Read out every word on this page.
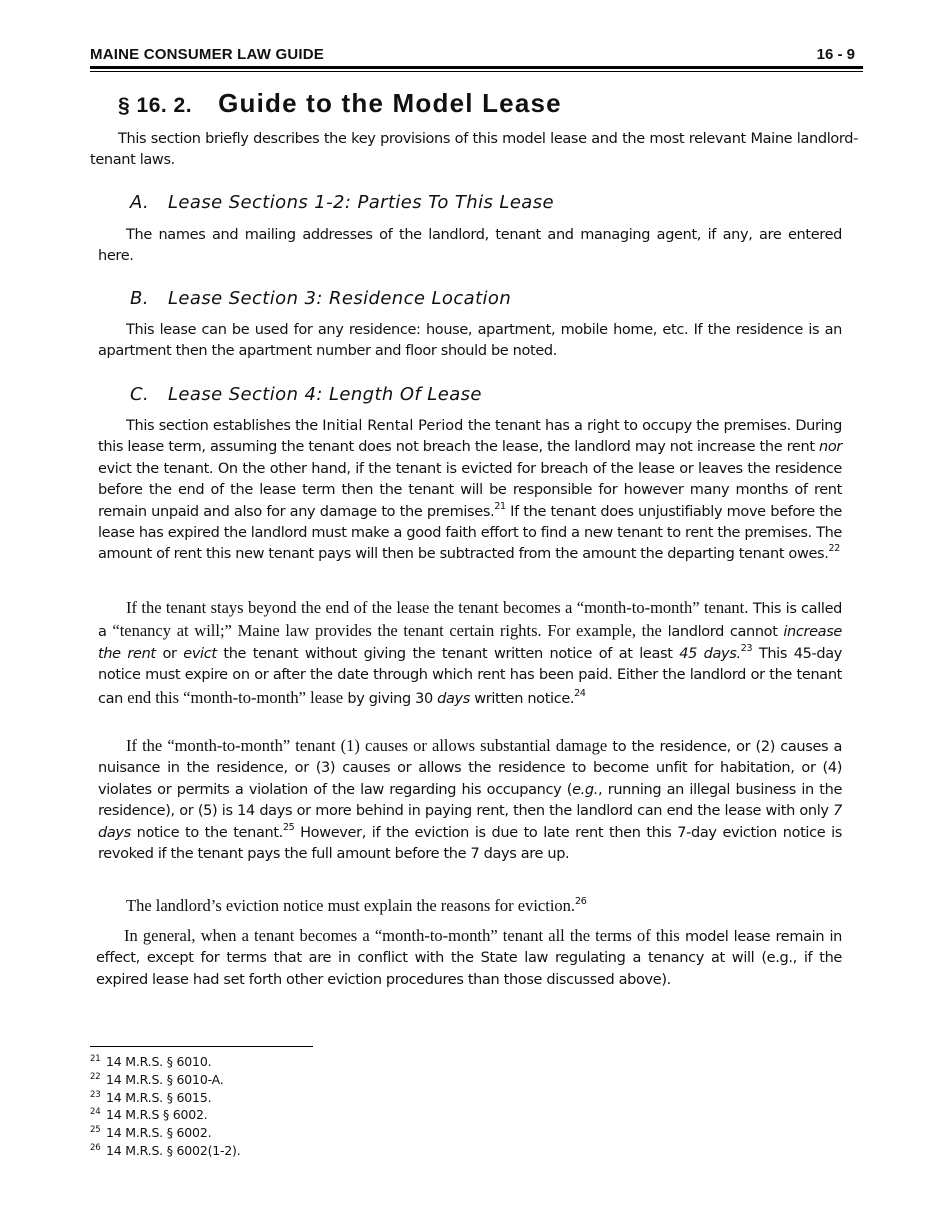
MAINE CONSUMER LAW GUIDE	16 - 9
§ 16. 2. Guide to the Model Lease
This section briefly describes the key provisions of this model lease and the most relevant Maine landlord-tenant laws.
A. Lease Sections 1-2: Parties To This Lease
The names and mailing addresses of the landlord, tenant and managing agent, if any, are entered here.
B. Lease Section 3: Residence Location
This lease can be used for any residence: house, apartment, mobile home, etc. If the residence is an apartment then the apartment number and floor should be noted.
C. Lease Section 4: Length Of Lease
This section establishes the Initial Rental Period the tenant has a right to occupy the premises. During this lease term, assuming the tenant does not breach the lease, the landlord may not increase the rent nor evict the tenant. On the other hand, if the tenant is evicted for breach of the lease or leaves the residence before the end of the lease term then the tenant will be responsible for however many months of rent remain unpaid and also for any damage to the premises.$^{21}$ If the tenant does unjustifiably move before the lease has expired the landlord must make a good faith effort to find a new tenant to rent the premises. The amount of rent this new tenant pays will then be subtracted from the amount the departing tenant owes.$^{22}$
If the tenant stays beyond the end of the lease the tenant becomes a “month-to-month” tenant. This is called a “tenancy at will;” Maine law provides the tenant certain rights. For example, the landlord cannot increase the rent or evict the tenant without giving the tenant written notice of at least 45 days.$^{23}$ This 45-day notice must expire on or after the date through which rent has been paid. Either the landlord or the tenant can end this “month-to-month” lease by giving 30 days written notice.$^{24}$
If the “month-to-month” tenant (1) causes or allows substantial damage to the residence, or (2) causes a nuisance in the residence, or (3) causes or allows the residence to become unfit for habitation, or (4) violates or permits a violation of the law regarding his occupancy (e.g., running an illegal business in the residence), or (5) is 14 days or more behind in paying rent, then the landlord can end the lease with only 7 days notice to the tenant.$^{25}$ However, if the eviction is due to late rent then this 7-day eviction notice is revoked if the tenant pays the full amount before the 7 days are up.
The landlord’s eviction notice must explain the reasons for eviction.$^{26}$
In general, when a tenant becomes a “month-to-month” tenant all the terms of this model lease remain in effect, except for terms that are in conflict with the State law regulating a tenancy at will (e.g., if the expired lease had set forth other eviction procedures than those discussed above).
21 14 M.R.S. § 6010.
22 14 M.R.S. § 6010-A.
23 14 M.R.S. § 6015.
24 14 M.R.S § 6002.
25 14 M.R.S. § 6002.
26 14 M.R.S. § 6002(1-2).
